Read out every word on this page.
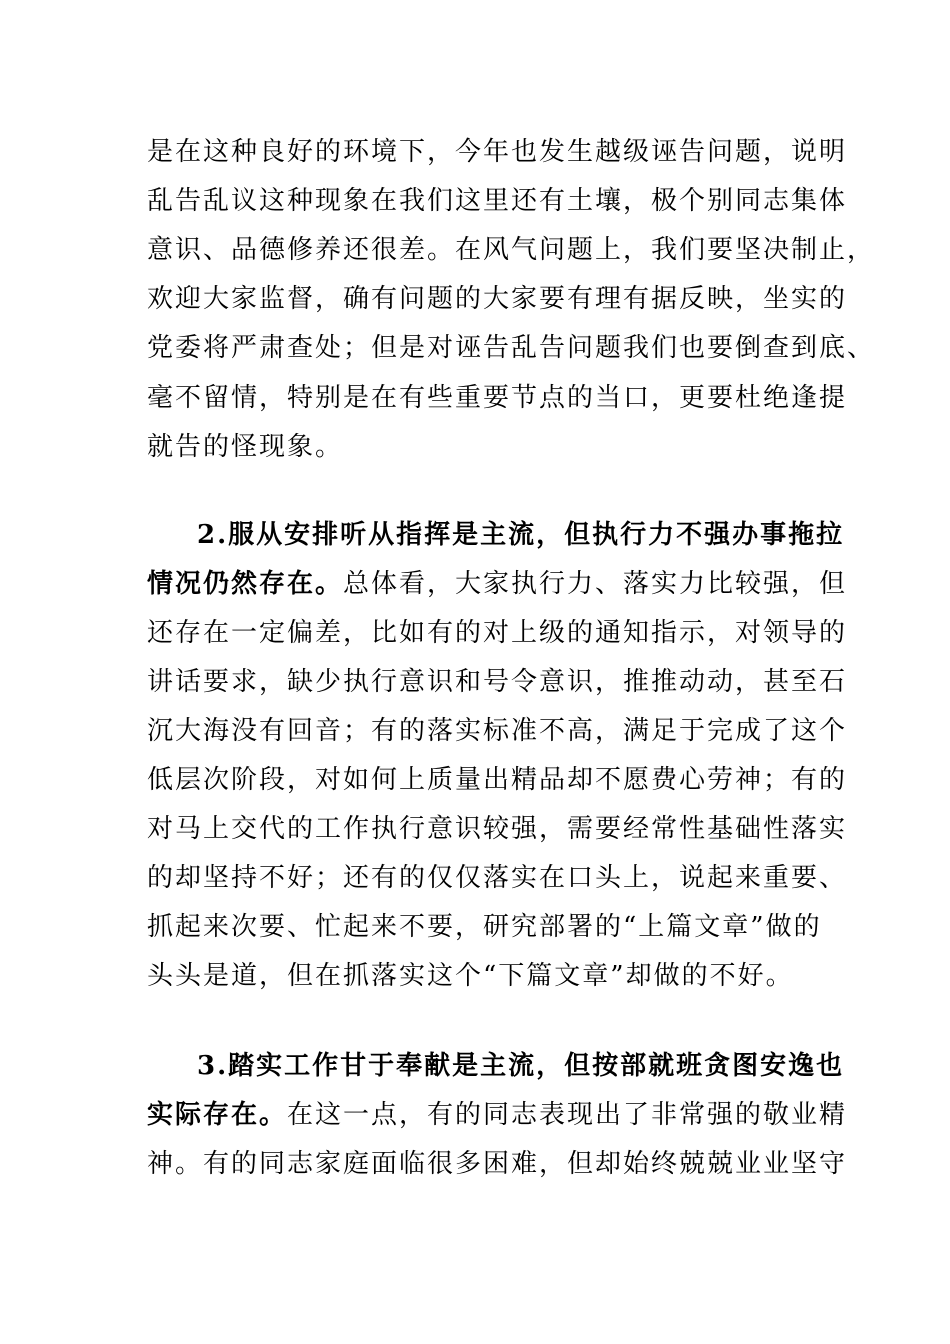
是在这种良好的环境下，今年也发生越级诬告问题，说明

乱告乱议这种现象在我们这里还有土壤，极个别同志集体

意识、品德修养还很差。在风气问题上，我们要坚决制止，

欢迎大家监督，确有问题的大家要有理有据反映，坐实的

党委将严肃查处；但是对诬告乱告问题我们也要倒查到底、

毫不留情，特别是在有些重要节点的当口，更要杜绝逢提

就告的怪现象。

2.服从安排听从指挥是主流，但执行力不强办事拖拉

情况仍然存在。总体看，大家执行力、落实力比较强，但

还存在一定偏差，比如有的对上级的通知指示，对领导的

讲话要求，缺少执行意识和号令意识，推推动动，甚至石

沉大海没有回音；有的落实标准不高，满足于完成了这个

低层次阶段，对如何上质量出精品却不愿费心劳神；有的

对马上交代的工作执行意识较强，需要经常性基础性落实

的却坚持不好；还有的仅仅落实在口头上，说起来重要、

抓起来次要、忙起来不要，研究部署的“上篇文章”做的

头头是道，但在抓落实这个“下篇文章”却做的不好。

3.踏实工作甘于奉献是主流，但按部就班贪图安逸也

实际存在。在这一点，有的同志表现出了非常强的敬业精

神。有的同志家庭面临很多困难，但却始终兢兢业业坚守
